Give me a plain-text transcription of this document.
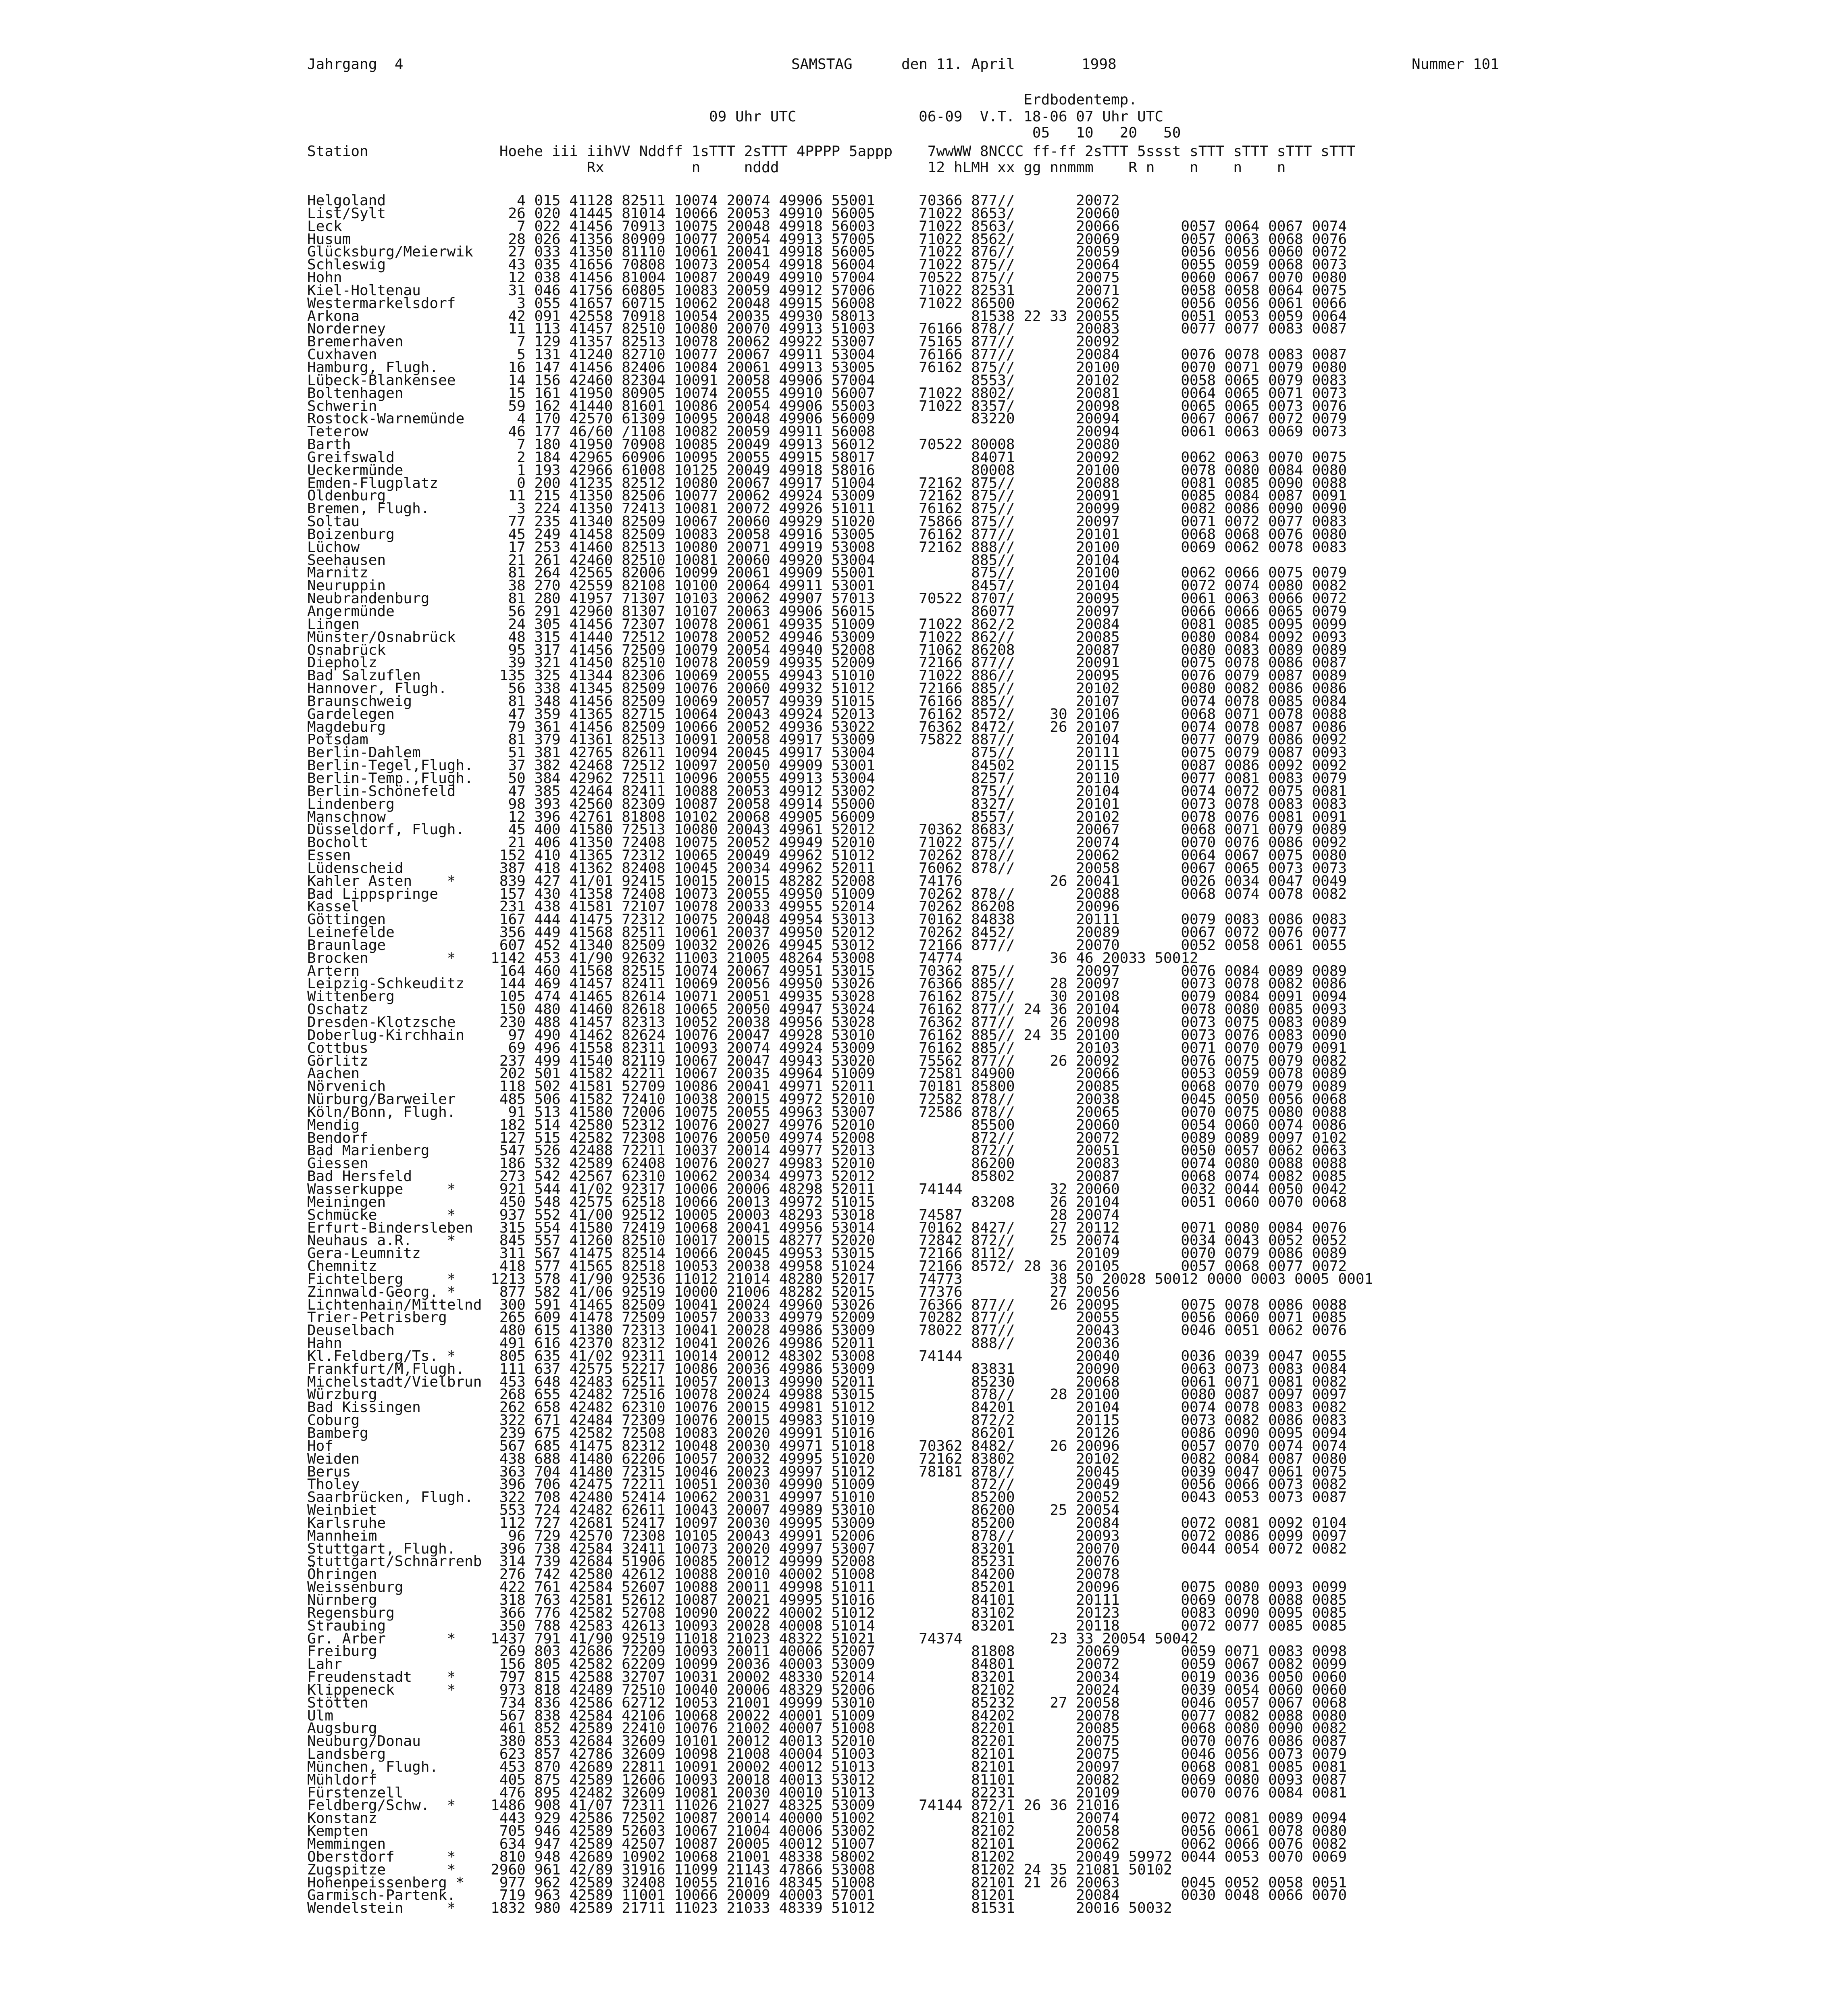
Jahrgang  4	SAMSTAG	den 11. April	1998	Nummer 101
Erdbodentemp.
09 Uhr UTC              06-09  V.T. 18-06 07 Uhr UTC
05   10   20   50
Station               Hoehe iii iihVV Nddff 1sTTT 2sTTT 4PPPP 5appp    7wwWW 8NCCC ff-ff 2sTTT 5ssst sTTT sTTT sTTT sTTT
Rx          n     nddd                 12 hLMH xx gg nnmmm    R n    n    n    n
Helgoland               4 015 41128 82511 10074 20074 49906 55001     70366 877//       20072
List/Sylt              26 020 41445 81014 10066 20053 49910 56005     71022 8653/       20060
Leck                    7 022 41456 70913 10075 20048 49918 56003     71022 8563/       20066       0057 0064 0067 0074
Husum                  28 026 41356 80909 10077 20054 49913 57005     71022 8562/       20069       0057 0063 0068 0076
Glücksburg/Meierwik    27 033 41350 81110 10061 20041 49918 56005     71022 876//       20059       0056 0056 0060 0072
Schleswig              43 035 41656 70808 10073 20054 49918 56004     71022 875//       20064       0055 0059 0068 0073
Hohn                   12 038 41456 81004 10087 20049 49910 57004     70522 875//       20075       0060 0067 0070 0080
Kiel-Holtenau          31 046 41756 60805 10083 20059 49912 57006     71022 82531       20071       0058 0058 0064 0075
Westermarkelsdorf       3 055 41657 60715 10062 20048 49915 56008     71022 86500       20062       0056 0056 0061 0066
Arkona                 42 091 42558 70918 10054 20035 49930 58013           81538 22 33 20055       0051 0053 0059 0064
Norderney              11 113 41457 82510 10080 20070 49913 51003     76166 878//       20083       0077 0077 0083 0087
Bremerhaven             7 129 41357 82513 10078 20062 49922 53007     75165 877//       20092
Cuxhaven                5 131 41240 82710 10077 20067 49911 53004     76166 877//       20084       0076 0078 0083 0087
Hamburg, Flugh.        16 147 41456 82406 10084 20061 49913 53005     76162 875//       20100       0070 0071 0079 0080
Lübeck-Blankensee      14 156 42460 82304 10091 20058 49906 57004           8553/       20102       0058 0065 0079 0083
Boltenhagen            15 161 41950 80905 10074 20055 49910 56007     71022 8802/       20081       0064 0065 0071 0073
Schwerin               59 162 41440 81601 10086 20054 49906 55003     71022 8357/       20098       0065 0065 0073 0076
Rostock-Warnemünde      4 170 42570 61309 10095 20048 49906 56009           83220       20094       0067 0067 0072 0079
Teterow                46 177 46/60 /1108 10082 20059 49911 56008                       20094       0061 0063 0069 0073
Barth                   7 180 41950 70908 10085 20049 49913 56012     70522 80008       20080
Greifswald              2 184 42965 60906 10095 20055 49915 58017           84071       20092       0062 0063 0070 0075
Ueckermünde             1 193 42966 61008 10125 20049 49918 58016           80008       20100       0078 0080 0084 0080
Emden-Flugplatz         0 200 41235 82512 10080 20067 49917 51004     72162 875//       20088       0081 0085 0090 0088
Oldenburg              11 215 41350 82506 10077 20062 49924 53009     72162 875//       20091       0085 0084 0087 0091
Bremen, Flugh.          3 224 41350 72413 10081 20072 49926 51011     76162 875//       20099       0082 0086 0090 0090
Soltau                 77 235 41340 82509 10067 20060 49929 51020     75866 875//       20097       0071 0072 0077 0083
Boizenburg             45 249 41458 82509 10083 20058 49916 53005     76162 877//       20101       0068 0068 0076 0080
Lüchow                 17 253 41460 82513 10080 20071 49919 53008     72162 888//       20100       0069 0062 0078 0083
Seehausen              21 261 42460 82510 10081 20060 49920 53004           885//       20104
Marnitz                81 264 42565 82006 10099 20061 49909 55001           875//       20100       0062 0066 0075 0079
Neuruppin              38 270 42559 82108 10100 20064 49911 53001           8457/       20104       0072 0074 0080 0082
Neubrandenburg         81 280 41957 71307 10103 20062 49907 57013     70522 8707/       20095       0061 0063 0066 0072
Angermünde             56 291 42960 81307 10107 20063 49906 56015           86077       20097       0066 0066 0065 0079
Lingen                 24 305 41456 72307 10078 20061 49935 51009     71022 862/2       20084       0081 0085 0095 0099
Münster/Osnabrück      48 315 41440 72512 10078 20052 49946 53009     71022 862//       20085       0080 0084 0092 0093
Osnabrück              95 317 41456 72509 10079 20054 49940 52008     71062 86208       20087       0080 0083 0089 0089
Diepholz               39 321 41450 82510 10078 20059 49935 52009     72166 877//       20091       0075 0078 0086 0087
Bad Salzuflen         135 325 41344 82306 10069 20055 49943 51010     71022 886//       20095       0076 0079 0087 0089
Hannover, Flugh.       56 338 41345 82509 10076 20060 49932 51012     72166 885//       20102       0080 0082 0086 0086
Braunschweig           81 348 41456 82509 10069 20057 49939 51015     76166 885//       20107       0074 0078 0085 0084
Gardelegen             47 359 41365 82715 10064 20043 49924 52013     76162 8572/    30 20106       0068 0071 0078 0088
Magdeburg              79 361 41456 82509 10066 20052 49936 53022     76362 8472/    26 20107       0074 0078 0087 0086
Potsdam                81 379 41361 82513 10091 20058 49917 53009     75822 887//       20104       0077 0079 0086 0092
Berlin-Dahlem          51 381 42765 82611 10094 20045 49917 53004           875//       20111       0075 0079 0087 0093
Berlin-Tegel,Flugh.    37 382 42468 72512 10097 20050 49909 53001           84502       20115       0087 0086 0092 0092
Berlin-Temp.,Flugh.    50 384 42962 72511 10096 20055 49913 53004           8257/       20110       0077 0081 0083 0079
Berlin-Schönefeld      47 385 42464 82411 10088 20053 49912 53002           875//       20104       0074 0072 0075 0081
Lindenberg             98 393 42560 82309 10087 20058 49914 55000           8327/       20101       0073 0078 0083 0083
Manschnow              12 396 42761 81808 10102 20068 49905 56009           8557/       20102       0078 0076 0081 0091
Düsseldorf, Flugh.     45 400 41580 72513 10080 20043 49961 52012     70362 8683/       20067       0068 0071 0079 0089
Bocholt                21 406 41350 72408 10075 20052 49949 52010     71022 875//       20074       0070 0076 0086 0092
Essen                 152 410 41365 72312 10065 20049 49962 51012     70262 878//       20062       0064 0067 0075 0080
Lüdenscheid           387 418 41362 82408 10045 20034 49962 52011     76062 878//       20058       0067 0065 0073 0073
Kahler Asten    *     839 427 41/01 92415 10015 20015 48282 52008     74176          26 20041       0026 0034 0047 0049
Bad Lippspringe       157 430 41358 72408 10073 20055 49950 51009     70262 878//       20088       0068 0074 0078 0082
Kassel                231 438 41581 72107 10078 20033 49955 52014     70262 86208       20096
Göttingen             167 444 41475 72312 10075 20048 49954 53013     70162 84838       20111       0079 0083 0086 0083
Leinefelde            356 449 41568 82511 10061 20037 49950 52012     70262 8452/       20089       0067 0072 0076 0077
Braunlage             607 452 41340 82509 10032 20026 49945 53012     72166 877//       20070       0052 0058 0061 0055
Brocken         *    1142 453 41/90 92632 11003 21005 48264 53008     74774          36 46 20033 50012
Artern                164 460 41568 82515 10074 20067 49951 53015     70362 875//       20097       0076 0084 0089 0089
Leipzig-Schkeuditz    144 469 41457 82411 10069 20056 49950 53026     76366 885//    28 20097       0073 0078 0082 0086
Wittenberg            105 474 41465 82614 10071 20051 49935 53028     76162 875//    30 20108       0079 0084 0091 0094
Oschatz               150 480 41460 82618 10065 20050 49947 53024     76162 877// 24 36 20104       0078 0080 0085 0093
Dresden-Klotzsche     230 488 41457 82313 10052 20038 49956 53028     76362 877//    26 20098       0073 0075 0083 0089
Doberlug-Kirchhain     97 490 41462 82624 10076 20047 49928 53010     76162 885// 24 35 20100       0073 0076 0083 0090
Cottbus                69 496 41558 82311 10093 20074 49924 53009     76162 885//       20103       0071 0070 0079 0091
Görlitz               237 499 41540 82119 10067 20047 49943 53020     75562 877//    26 20092       0076 0075 0079 0082
Aachen                202 501 41582 42211 10067 20035 49964 51009     72581 84900       20066       0053 0059 0078 0089
Nörvenich             118 502 41581 52709 10086 20041 49971 52011     70181 85800       20085       0068 0070 0079 0089
Nürburg/Barweiler     485 506 41582 72410 10038 20015 49972 52010     72582 878//       20038       0045 0050 0056 0068
Köln/Bonn, Flugh.      91 513 41580 72006 10075 20055 49963 53007     72586 878//       20065       0070 0075 0080 0088
Mendig                182 514 42580 52312 10076 20027 49976 52010           85500       20060       0054 0060 0074 0086
Bendorf               127 515 42582 72308 10076 20050 49974 52008           872//       20072       0089 0089 0097 0102
Bad Marienberg        547 526 42488 72211 10037 20014 49977 52013           872//       20051       0050 0057 0062 0063
Giessen               186 532 42589 62408 10076 20027 49983 52010           86200       20083       0074 0080 0088 0088
Bad Hersfeld          273 542 42567 62310 10062 20034 49973 52012           85802       20087       0068 0074 0082 0085
Wasserkuppe     *     921 544 41/02 92317 10006 20006 48298 52011     74144          32 20060       0032 0044 0050 0042
Meiningen             450 548 42575 62518 10066 20013 49972 51015           83208    26 20104       0051 0060 0070 0068
Schmücke        *     937 552 41/00 92512 10005 20003 48293 53018     74587          28 20074
Erfurt-Bindersleben   315 554 41580 72419 10068 20041 49956 53014     70162 8427/    27 20112       0071 0080 0084 0076
Neuhaus a.R.    *     845 557 41260 82510 10017 20015 48277 52020     72842 872//    25 20074       0034 0043 0052 0052
Gera-Leumnitz         311 567 41475 82514 10066 20045 49953 53015     72166 8112/       20109       0070 0079 0086 0089
Chemnitz              418 577 41565 82518 10053 20038 49958 51024     72166 8572/ 28 36 20105       0057 0068 0077 0072
Fichtelberg     *    1213 578 41/90 92536 11012 21014 48280 52017     74773          38 50 20028 50012 0000 0003 0005 0001
Zinnwald-Georg. *     877 582 41/06 92519 10000 21006 48282 52015     77376          27 20056
Lichtenhain/Mittelnd  300 591 41465 82509 10041 20024 49960 53026     76366 877//    26 20095       0075 0078 0086 0088
Trier-Petrisberg      265 609 41478 72509 10057 20033 49979 52009     70282 877//       20055       0056 0060 0071 0085
Deuselbach            480 615 41380 72313 10041 20028 49986 53009     78022 877//       20043       0046 0051 0062 0076
Hahn                  491 616 42370 82312 10041 20026 49986 52011           888//       20036
Kl.Feldberg/Ts. *     805 635 41/02 92311 10014 20012 48302 53008     74144             20040       0036 0039 0047 0055
Frankfurt/M,Flugh.    111 637 42575 52217 10086 20036 49986 53009           83831       20090       0063 0073 0083 0084
Michelstadt/Vielbrun  453 648 42483 62511 10057 20013 49990 52011           85230       20068       0061 0071 0081 0082
Würzburg              268 655 42482 72516 10078 20024 49988 53015           878//    28 20100       0080 0087 0097 0097
Bad Kissingen         262 658 42482 62310 10076 20015 49981 51012           84201       20104       0074 0078 0083 0082
Coburg                322 671 42484 72309 10076 20015 49983 51019           872/2       20115       0073 0082 0086 0083
Bamberg               239 675 42582 72508 10083 20020 49991 51016           86201       20126       0086 0090 0095 0094
Hof                   567 685 41475 82312 10048 20030 49971 51018     70362 8482/    26 20096       0057 0070 0074 0074
Weiden                438 688 41480 62206 10057 20032 49995 51020     72162 83802       20102       0082 0084 0087 0080
Berus                 363 704 41480 72315 10046 20023 49997 51012     78181 878//       20045       0039 0047 0061 0075
Tholey                396 706 42475 72211 10051 20030 49990 51009           872//       20049       0056 0066 0073 0082
Saarbrücken, Flugh.   322 708 42480 52414 10062 20031 49997 51010           85200       20052       0043 0053 0073 0087
Weinbiet              553 724 42482 62611 10043 20007 49989 53010           86200    25 20054
Karlsruhe             112 727 42681 52417 10097 20030 49995 53009           85200       20084       0072 0081 0092 0104
Mannheim               96 729 42570 72308 10105 20043 49991 52006           878//       20093       0072 0086 0099 0097
Stuttgart, Flugh.     396 738 42584 32411 10073 20020 49997 53007           83201       20070       0044 0054 0072 0082
Stuttgart/Schnarrenb  314 739 42684 51906 10085 20012 49999 52008           85231       20076
Öhringen              276 742 42580 42612 10088 20010 40002 51008           84200       20078
Weissenburg           422 761 42584 52607 10088 20011 49998 51011           85201       20096       0075 0080 0093 0099
Nürnberg              318 763 42581 52612 10087 20021 49995 51016           84101       20111       0069 0078 0088 0085
Regensburg            366 776 42582 52708 10090 20022 40002 51012           83102       20123       0083 0090 0095 0085
Straubing             350 788 42583 42613 10093 20028 40008 51014           83201       20118       0072 0077 0085 0085
Gr. Arber       *    1437 791 41/90 92519 11018 21023 48322 51021     74374          23 33 20054 50042
Freiburg              269 803 42686 72209 10093 20011 40006 52007           81808       20069       0059 0071 0083 0098
Lahr                  156 805 42582 62209 10099 20036 40003 53009           84801       20072       0059 0067 0082 0099
Freudenstadt    *     797 815 42588 32707 10031 20002 48330 52014           83201       20034       0019 0036 0050 0060
Klippeneck      *     973 818 42489 72510 10040 20006 48329 52006           82102       20024       0039 0054 0060 0060
Stötten               734 836 42586 62712 10053 21001 49999 53010           85232    27 20058       0046 0057 0067 0068
Ulm                   567 838 42584 42106 10068 20022 40001 51009           84202       20078       0077 0082 0088 0080
Augsburg              461 852 42589 22410 10076 21002 40007 51008           82201       20085       0068 0080 0090 0082
Neuburg/Donau         380 853 42684 32609 10101 20012 40013 52010           82201       20075       0070 0076 0086 0087
Landsberg             623 857 42786 32609 10098 21008 40004 51003           82101       20075       0046 0056 0073 0079
München, Flugh.       453 870 42689 22811 10091 20002 40012 51013           82101       20097       0068 0081 0085 0081
Mühldorf              405 875 42589 12606 10093 20018 40013 53012           81101       20082       0069 0080 0093 0087
Fürstenzell           476 895 42482 32609 10081 20030 40010 51013           82231       20109       0070 0076 0084 0081
Feldberg/Schw.  *    1486 908 41/07 72311 11026 21027 48325 53009     74144 872/1 26 36 21016
Konstanz              443 929 42586 72502 10087 20014 40000 51002           82101       20074       0072 0081 0089 0094
Kempten               705 946 42589 52603 10067 21004 40006 53002           82102       20058       0056 0061 0078 0080
Memmingen             634 947 42589 42507 10087 20005 40012 51007           82101       20062       0062 0066 0076 0082
Oberstdorf      *     810 948 42689 10902 10068 21001 48338 58002           81202       20049 59972 0044 0053 0070 0069
Zugspitze       *    2960 961 42/89 31916 11099 21143 47866 53008           81202 24 35 21081 50102
Hohenpeissenberg *    977 962 42589 32408 10055 21016 48345 51008           82101 21 26 20063       0045 0052 0058 0051
Garmisch-Partenk.     719 963 42589 11001 10066 20009 40003 57001           81201       20084       0030 0048 0066 0070
Wendelstein     *    1832 980 42589 21711 11023 21033 48339 51012           81531       20016 50032
